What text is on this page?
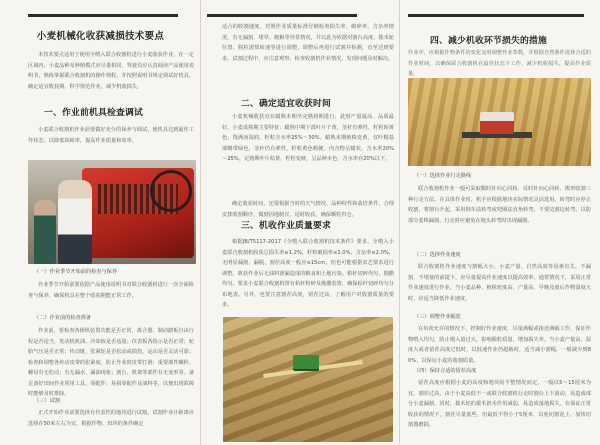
小麦机械化收获减损技术要点
本技术要点适用于使用全喂入联合收割机进行小麦收获作业，在一定区域内，小麦品种及种植模式应尽量相同，驾驶员应认真阅读产品使用说明书，熟练掌握联合收割机的操作规程，并按照说明书规定调试好机具，确定适宜收获期，科学规范作业，减少机收损失。
一、作业前机具检查调试
小麦联合收割机作业前要做好充分的保养与调试，使机具达到最佳工作状态，以降低故障率，提高作业质量和效率。
（一）作业季节开始前的检查与保养
作业季节开始前要依据产品使用说明书对联合收割机进行一次全面检查与保养，确保机具在整个收获期能正常工作。
（二）作业前的检查准备
作业前，要检查各操纵装置功能是否正常，离合器、制动踏板自由行程是否适当，发动机机油、冷却液是否适量；仪表板各指示是否正常；轮胎气压是否正常；传动链、张紧轮是否松动或损伤，运动是否灵活可靠；检查和调整各传动皮带的张紧度，防止作业时皮带打滑；重要部件螺栓、螺母有无松动；有无漏水、漏油现象；割台、机架等部件有无变形等。备足备好田间作业常用工具、零配件、易损零配件及油料等，以便出现故障时能够及时排除。
（三）试割
正式开始作业前要选择有代表性的地块进行试割。试割作业计距离应选择在50米左右为宜，根据作物、田块的条件确定
适合的收割速度，对照作业质量标准仔细检查损失率、破碎率、含杂率情况，有无漏割、堵草、跑粮等异常情况，并以此为依据对割台高度、拨禾轮位置、脱粒滚筒转速等进行调整，调整后再进行试割并检测，直至达到要求。试割过程中，应注意观察、检查收割机作业情况，发现问题及时解决。
二、确定适宜收获时间
小麦机械收获宜在蜡熟末期至完熟初期进行，此时产量最高、品质最好。小麦成熟期主要特征：蜡熟中期下部叶片干黄，茎秆有弹性，籽粒转黄色，饱满而湿润，籽粒含水率25%～30%。蜡熟末期植株变黄，仅叶鞘基部略带绿色，茎秆仍有弹性，籽粒黄色稍硬，内含物呈蜡状，含水率20%～25%。完熟期叶片枯黄，籽粒变硬，呈品种本色，含水率在20%以下。
确定收获时间，还要根据当时的天气情况、品种特性和栽培条件，合理安排收割顺序，做到因地制宜、适时收获，确保颗粒归仓。
三、机收作业质量要求
根据JB/T5117-2017《全喂入联合收割机技术条件》要求，全喂入小麦联合收割机收获总损失率≤1.2%，籽粒破损率≤1.0%，含杂率≤2.0%，无明显漏割、漏脱，割茬高度一般应≤15cm，但也可能根据农艺要求进行调整。收获作业后无油料泄漏造成的粮食和土地污染。秸秆切碎均匀，抛撒均匀。要求小麦联合收割机带有秸秆粉碎及抛撒装置，确保秸秆切碎均匀分布地表。另外，也要注意割茬高度，留茬过高，了解用户对收割质量的要求。
四、减少机收环节损失的措施
作业中，应根据作物条件的变化及时调整作业参数，并根据自然条件选择合适的作业时间，以确保联合收割机在最佳状态下工作，减少机收损失，提高作业质量。
（一）选择作业行走路线
联合收割机作业一般可采取顺时针向心回转、反时针向心回转、梭形收割三种行走方法。在具体作业时，机手应根据地块实际情况灵活选用。转弯时应停止收割，将割台升起，采用倒车法转弯或兜圈法直角转弯，不要边割边转弯，以防部分麦株漏割。行走时应避免在地头转弯时出现漏割。
（二）选择作业速度
联合收割机作业速度与割幅大小、小麦产量、自然高度等因素有关。不漏割、不堵塞的前提下，应尽量提高作业速度以提高效率。通常情况下，采用正常作业速度进行作业，当小麦品种、植株密度高、产量高、早晚及雨后作物湿度大时，应适当降低作业速度。
（三）调整作业幅宽
在负荷允许的情况下，控制好作业速度，尽量满幅或接近满幅工作，保证作物喂入均匀，防止喂入量过大，影响脱粒质量，增加损失率。当小麦产量高、湿度大或者留茬高度过低时，以低速作业仍超载时，适当减小割幅，一般减少到80%，以保证小麦的收割质量。
（四）保持合适的留茬高度
留茬高度应根据小麦的高度和地块的平整情况而定，一般以5～15厘米为宜。割茬过高，由于小麦高低不一或联合收割机行走时割台上下波动，易造成部分小麦漏割，同时，拨禾轮的拨禾推禾作用减弱，易造成落地损失。在保证正常收获的情况下，割茬尽量低些，但最低不得小于5厘米，以免切割泥土，加快切割器磨损。
